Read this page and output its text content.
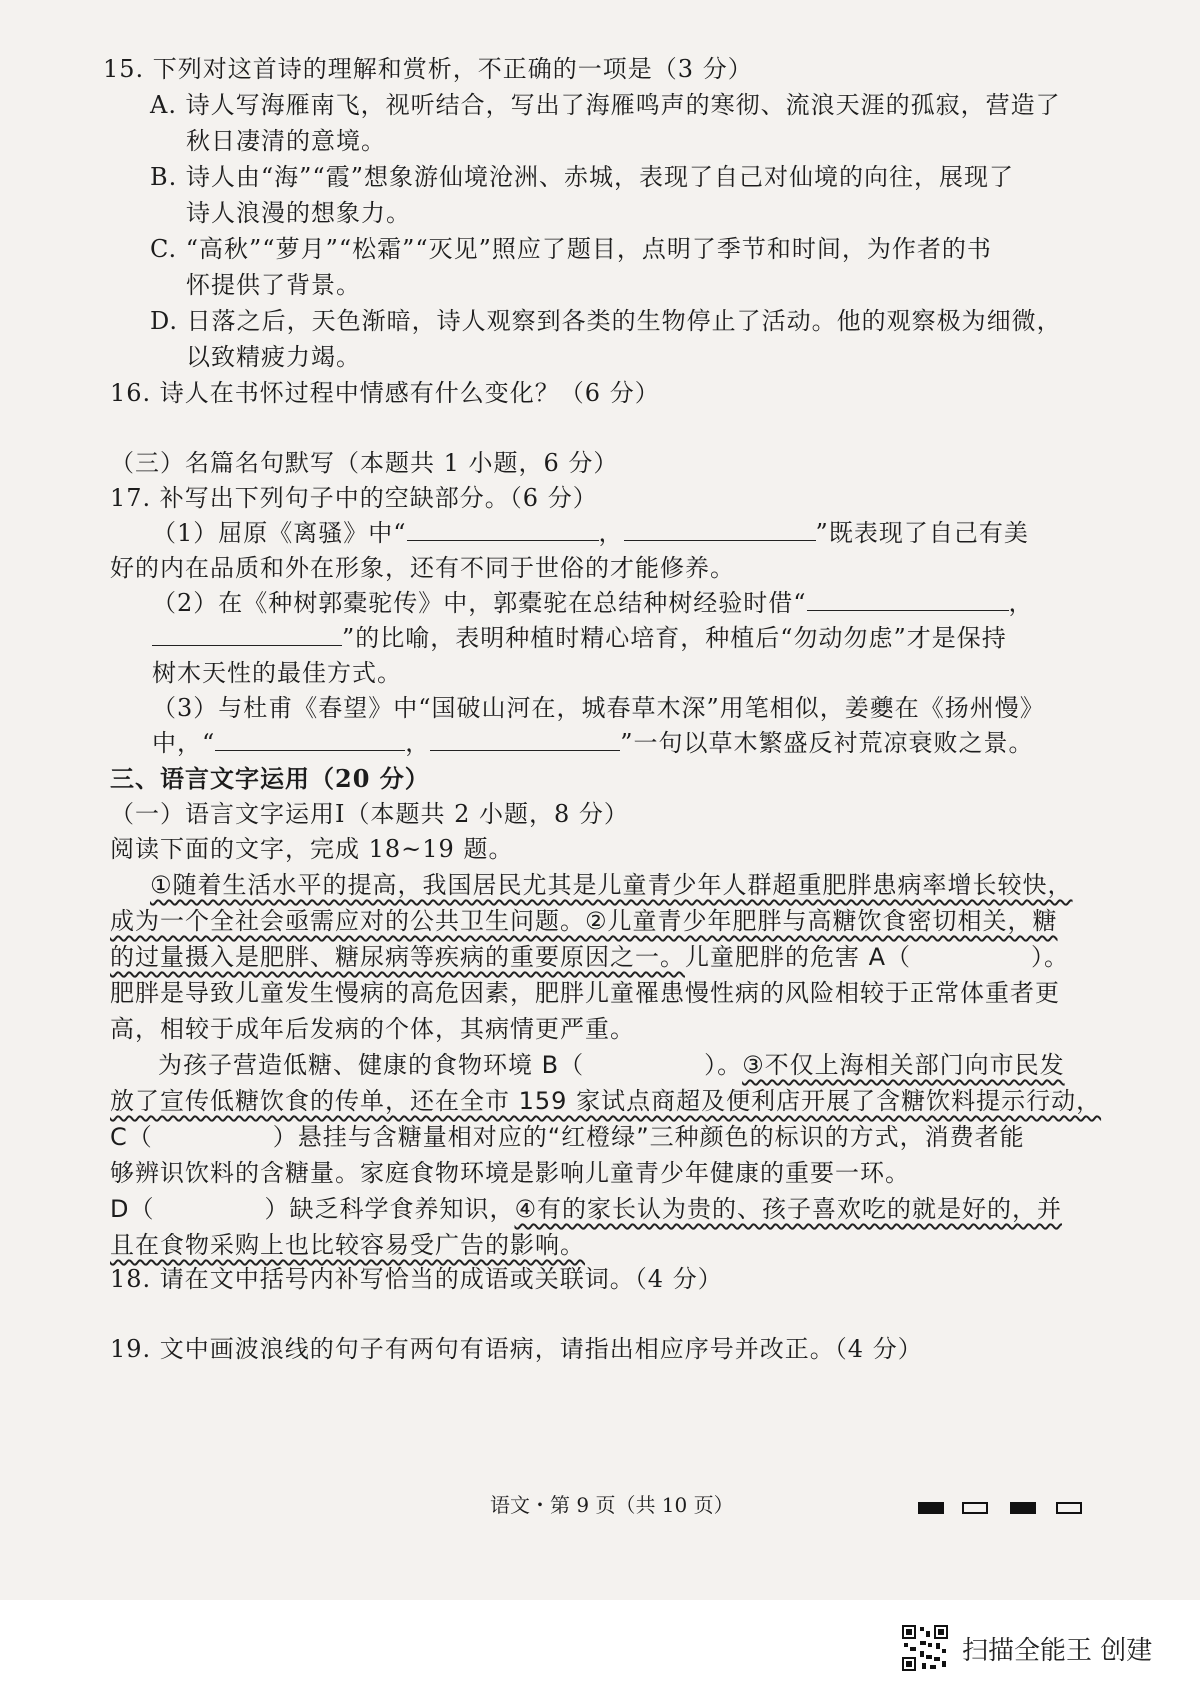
15. 下列对这首诗的理解和赏析，不正确的一项是（3 分）
A. 诗人写海雁南飞，视听结合，写出了海雁鸣声的寒彻、流浪天涯的孤寂，营造了
秋日凄清的意境。
B. 诗人由“海”“霞”想象游仙境沧洲、赤城，表现了自己对仙境的向往，展现了
诗人浪漫的想象力。
C. “高秋”“萝月”“松霜”“灭见”照应了题目，点明了季节和时间，为作者的书
怀提供了背景。
D. 日落之后，天色渐暗，诗人观察到各类的生物停止了活动。他的观察极为细微，
以致精疲力竭。
16. 诗人在书怀过程中情感有什么变化？（6 分）
（三）名篇名句默写（本题共 1 小题，6 分）
17. 补写出下列句子中的空缺部分。（6 分）
（1）屈原《离骚》中“	，	”既表现了自己有美
好的内在品质和外在形象，还有不同于世俗的才能修养。
（2）在《种树郭橐驼传》中，郭橐驼在总结种树经验时借“	，
”的比喻，表明种植时精心培育，种植后“勿动勿虑”才是保持
树木天性的最佳方式。
（3）与杜甫《春望》中“国破山河在，城春草木深”用笔相似，姜夔在《扬州慢》
中，“	，	”一句以草木繁盛反衬荒凉衰败之景。
三、语言文字运用（20 分）
（一）语言文字运用Ⅰ（本题共 2 小题，8 分）
阅读下面的文字，完成 18~19 题。
①随着生活水平的提高，我国居民尤其是儿童青少年人群超重肥胖患病率增长较快，
成为一个全社会亟需应对的公共卫生问题。②儿童青少年肥胖与高糖饮食密切相关，糖
的过量摄入是肥胖、糖尿病等疾病的重要原因之一。儿童肥胖的危害 A（	）。
肥胖是导致儿童发生慢病的高危因素，肥胖儿童罹患慢性病的风险相较于正常体重者更
高，相较于成年后发病的个体，其病情更严重。
为孩子营造低糖、健康的食物环境 B（	）。③不仅上海相关部门向市民发
放了宣传低糖饮食的传单，还在全市 159 家试点商超及便利店开展了含糖饮料提示行动，
C（	）悬挂与含糖量相对应的“红橙绿”三种颜色的标识的方式，消费者能
够辨识饮料的含糖量。家庭食物环境是影响儿童青少年健康的重要一环。
D（	）缺乏科学食养知识，④有的家长认为贵的、孩子喜欢吃的就是好的，并
且在食物采购上也比较容易受广告的影响。
18. 请在文中括号内补写恰当的成语或关联词。（4 分）
19. 文中画波浪线的句子有两句有语病，请指出相应序号并改正。（4 分）
语文・第 9 页（共 10 页）
扫描全能王 创建
